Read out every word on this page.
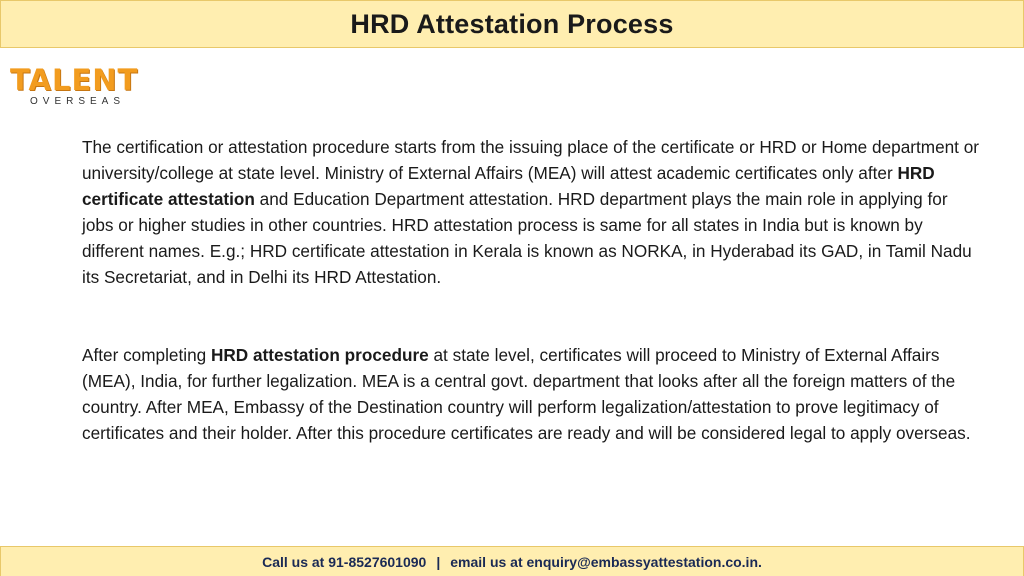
HRD Attestation Process
TALENT
OVERSEAS

The certification or attestation procedure starts from the issuing place of the certificate or HRD or Home department or university/college at state level. Ministry of External Affairs (MEA) will attest academic certificates only after HRD certificate attestation and Education Department attestation. HRD department plays the main role in applying for jobs or higher studies in other countries. HRD attestation process is same for all states in India but is known by different names. E.g.; HRD certificate attestation in Kerala is known as NORKA, in Hyderabad its GAD, in Tamil Nadu its Secretariat, and in Delhi its HRD Attestation.

After completing HRD attestation procedure at state level, certificates will proceed to Ministry of External Affairs (MEA), India, for further legalization. MEA is a central govt. department that looks after all the foreign matters of the country. After MEA, Embassy of the Destination country will perform legalization/attestation to prove legitimacy of certificates and their holder. After this procedure certificates are ready and will be considered legal to apply overseas.

Call us at 91-8527601090 | email us at enquiry@embassyattestation.co.in.
